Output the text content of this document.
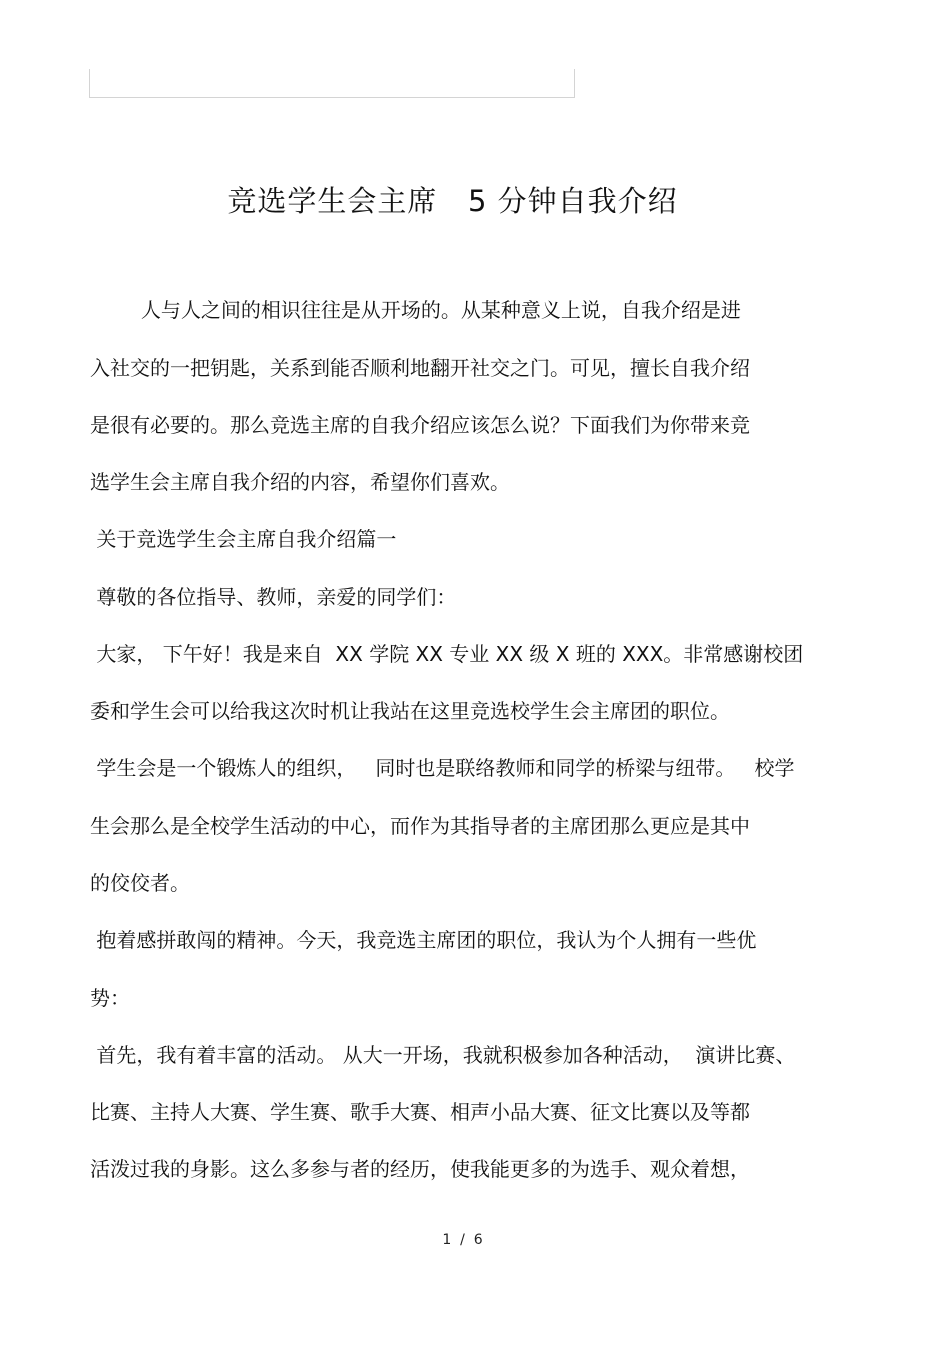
竞选学生会主席   5 分钟自我介绍
人与人之间的相识往往是从开场的。从某种意义上说，自我介绍是进
入社交的一把钥匙，关系到能否顺利地翻开社交之门。可见，擅长自我介绍
是很有必要的。那么竞选主席的自我介绍应该怎么说？下面我们为你带来竞
选学生会主席自我介绍的内容，希望你们喜欢。
关于竞选学生会主席自我介绍篇一
尊敬的各位指导、教师，亲爱的同学们：
大家， 下午好！我是来自  XX 学院 XX 专业 XX 级 X 班的 XXX。非常感谢校团
委和学生会可以给我这次时机让我站在这里竞选校学生会主席团的职位。
学生会是一个锻炼人的组织，   同时也是联络教师和同学的桥梁与纽带。   校学
生会那么是全校学生活动的中心，而作为其指导者的主席团那么更应是其中
的佼佼者。
抱着感拼敢闯的精神。今天，我竞选主席团的职位，我认为个人拥有一些优
势：
首先，我有着丰富的活动。 从大一开场，我就积极参加各种活动，  演讲比赛、
比赛、主持人大赛、学生赛、歌手大赛、相声小品大赛、征文比赛以及等都
活泼过我的身影。这么多参与者的经历，使我能更多的为选手、观众着想，
1  /  6
